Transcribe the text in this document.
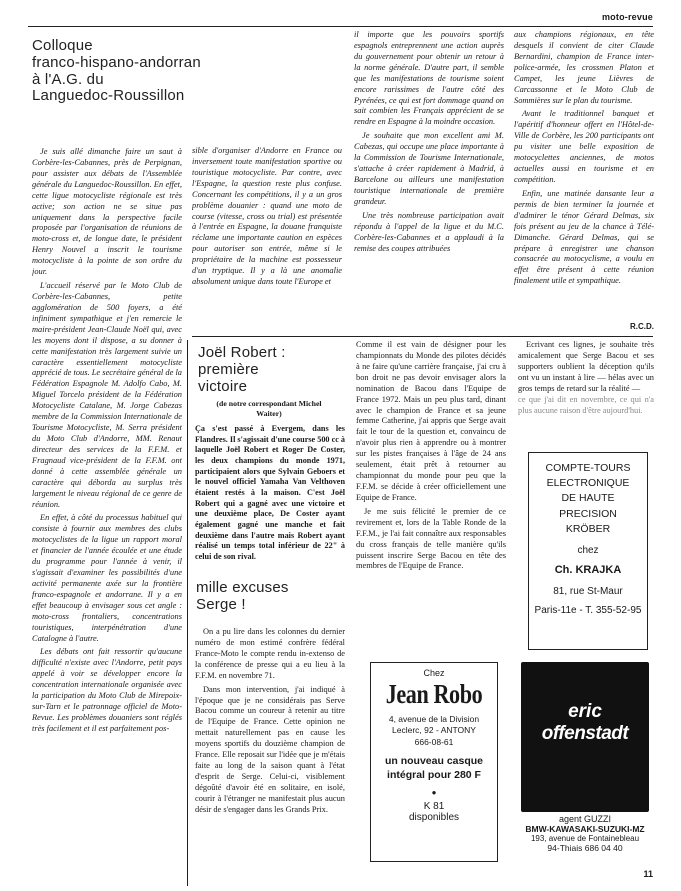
moto-revue
Colloque
franco-hispano-andorran
à l'A.G. du
Languedoc-Roussillon

Je suis allé dimanche faire un saut à Corbère-les-Cabannes, près de Perpignan, pour assister aux débats de l'Assemblée générale du Languedoc-Roussillon. En effet, cette ligue motocycliste régionale est très active; son action ne se situe pas uniquement dans la perspective facile proposée par l'organisation de réunions de moto-cross et, de longue date, le président Henry Nouvel a inscrit le tourisme motocycliste à la pointe de son ordre du jour.

L'accueil réservé par le Moto Club de Corbère-les-Cabannes, petite agglomération de 500 foyers, a été infiniment sympathique et j'en remercie le maire-président Jean-Claude Noël qui, avec les moyens dont il dispose, a su donner à cette manifestation très largement suivie un caractère essentiellement motocycliste apprécié de tous. Le secrétaire général de la Fédération Espagnole M. Adolfo Cabo, M. Miguel Torcelo président de la Fédération Motocycliste Catalane, M. Jorge Cabezas membre de la Commission Internationale de Tourisme Motocycliste, M. Serra président du Moto Club d'Andorre, MM. Renaut directeur des services de la F.F.M. et Fragnaud vice-président de la F.F.M. ont donné à cette assemblée générale un caractère qui déborda au surplus très largement le niveau régional de ce genre de réunion.

En effet, à côté du processus habituel qui consiste à fournir aux membres des clubs motocyclistes de la ligue un rapport moral et financier de l'année écoulée et une étude du programme pour l'année à venir, il s'agissait d'examiner les possibilités d'une activité permanente axée sur la frontière franco-espagnole et andorrane. Il y a en effet beaucoup à envisager sous cet angle : moto-cross frontaliers, concentrations touristiques, interpénétration d'une Catalogne à l'autre.

Les débats ont fait ressortir qu'aucune difficulté n'existe avec l'Andorre, petit pays appelé à voir se développer encore la concentration internationale organisée avec la participation du Moto Club de Mirepoix-sur-Tarn et le patronnage officiel de Moto-Revue. Les problèmes douaniers sont réglés très facilement et il est parfaitement pos-

sible d'organiser d'Andorre en France ou inversement toute manifestation sportive ou touristique motocycliste. Par contre, avec l'Espagne, la question reste plus confuse. Concernant les compétitions, il y a un gros problème douanier : quand une moto de course (vitesse, cross ou trial) est présentée à l'entrée en Espagne, la douane franquiste réclame une importante caution en espèces pour autoriser son entrée, même si le propriétaire de la machine est possesseur d'un tryptique. Il y a là une anomalie absolument unique dans toute l'Europe et

il importe que les pouvoirs sportifs espagnols entreprennent une action auprès du gouvernement pour obtenir un retour à la norme générale. D'autre part, il semble que les manifestations de tourisme soient encore rarissimes de l'autre côté des Pyrénées, ce qui est fort dommage quand on sait combien les Français apprécient de se rendre en Espagne à la moindre occasion.

Je souhaite que mon excellent ami M. Cabezas, qui occupe une place importante à la Commission de Tourisme Internationale, s'attache à créer rapidement à Madrid, à Barcelone ou ailleurs une manifestation touristique internationale de première grandeur.

Une très nombreuse participation avait répondu à l'appel de la ligue et du M.C. Corbère-les-Cabannes et a applaudi à la remise des coupes attribuées

aux champions régionaux, en tête desquels il convient de citer Claude Bernardini, champion de France inter-police-armée, les crossmen Platon et Campet, les jeune Lièvres de Carcassonne et le Moto Club de Sommières sur le plan du tourisme.

Avant le traditionnel banquet et l'apéritif d'honneur offert en l'Hôtel-de-Ville de Corbère, les 200 participants ont pu visiter une belle exposition de motocyclettes anciennes, de motos actuelles aussi en tourisme et en compétition.

Enfin, une matinée dansante leur a permis de bien terminer la journée et d'admirer le ténor Gérard Delmas, six fois présent au jeu de la chance à Télé-Dimanche. Gérard Delmas, qui se prépare à enregistrer une chanson consacrée au motocyclisme, a voulu en effet être présent à cette réunion finalement utile et sympathique.

R.C.D.
Joël Robert :
première
victoire
(de notre correspondant Michel Waiter)
Ça s'est passé à Evergem, dans les Flandres. Il s'agissait d'une course 500 cc à laquelle Joël Robert et Roger De Coster, les deux champions du monde 1971, participaient alors que Sylvain Geboers et le nouvel officiel Yamaha Van Velthoven étaient restés à la maison. C'est Joël Robert qui a gagné avec une victoire et une deuxième place, De Coster ayant également gagné une manche et fait deuxième dans l'autre mais Robert ayant réalisé un temps total inférieur de 22" à celui de son rival.
mille excuses
Serge !

On a pu lire dans les colonnes du dernier numéro de mon estimé confrère fédéral France-Moto le compte rendu in-extenso de la conférence de presse qui a eu lieu à la F.F.M. en novembre 71.

Dans mon intervention, j'ai indiqué à l'époque que je ne considérais pas Serve Bacou comme un coureur à retenir au titre de l'Equipe de France. Cette opinion ne mettait naturellement pas en cause les moyens sportifs du douzième champion de France. Elle reposait sur l'idée que je m'étais faite au long de la saison quant à l'état d'esprit de Serge. Celui-ci, visiblement dégoûté d'avoir été en solitaire, en isolé, courir à l'étranger ne manifestait plus aucun désir de s'engager dans les Grands Prix.

Comme il est vain de désigner pour les championnats du Monde des pilotes décidés à ne faire qu'une carrière française, j'ai cru à bon droit ne pas devoir envisager alors la nomination de Bacou dans l'Equipe de France 1972. Mais un peu plus tard, dinant avec le champion de France et sa jeune femme Catherine, j'ai appris que Serge avait fait le tour de la question et, convaincu de n'avoir plus rien à apprendre ou à montrer sur les pistes françaises à l'âge de 24 ans seulement, était prêt à retourner au championnat du monde pour peu que la F.F.M. se décide à créer officiellement une Equipe de France.

Je me suis félicité le premier de ce revirement et, lors de la Table Ronde de la F.F.M., je l'ai fait connaître aux responsables du cross français de telle manière qu'ils puissent inscrire Serge Bacou en tête des membres de l'Equipe de France.

Ecrivant ces lignes, je souhaite très amicalement que Serge Bacou et ses supporters oublient la déception qu'ils ont vu un instant à lire — hélas avec un gros temps de retard sur la réalité —

ce que j'ai dit en novembre, ce qui n'a plus aucune raison d'être aujourd'hui.

COMPTE-TOURS
ELECTRONIQUE
DE HAUTE
PRECISION
KRÖBER
chez
Ch. KRAJKA
81, rue St-Maur
Paris-11e - T. 355-52-95
Chez
Jean Robo
4, avenue de la Division Leclerc, 92 - ANTONY
666-08-61
un nouveau casque intégral pour 280 F
●
K 81
disponibles
eric
offenstadt
agent GUZZI
BMW-KAWASAKI-SUZUKI-MZ
193, avenue de Fontainebleau
94-Thiais 686 04 40
11
